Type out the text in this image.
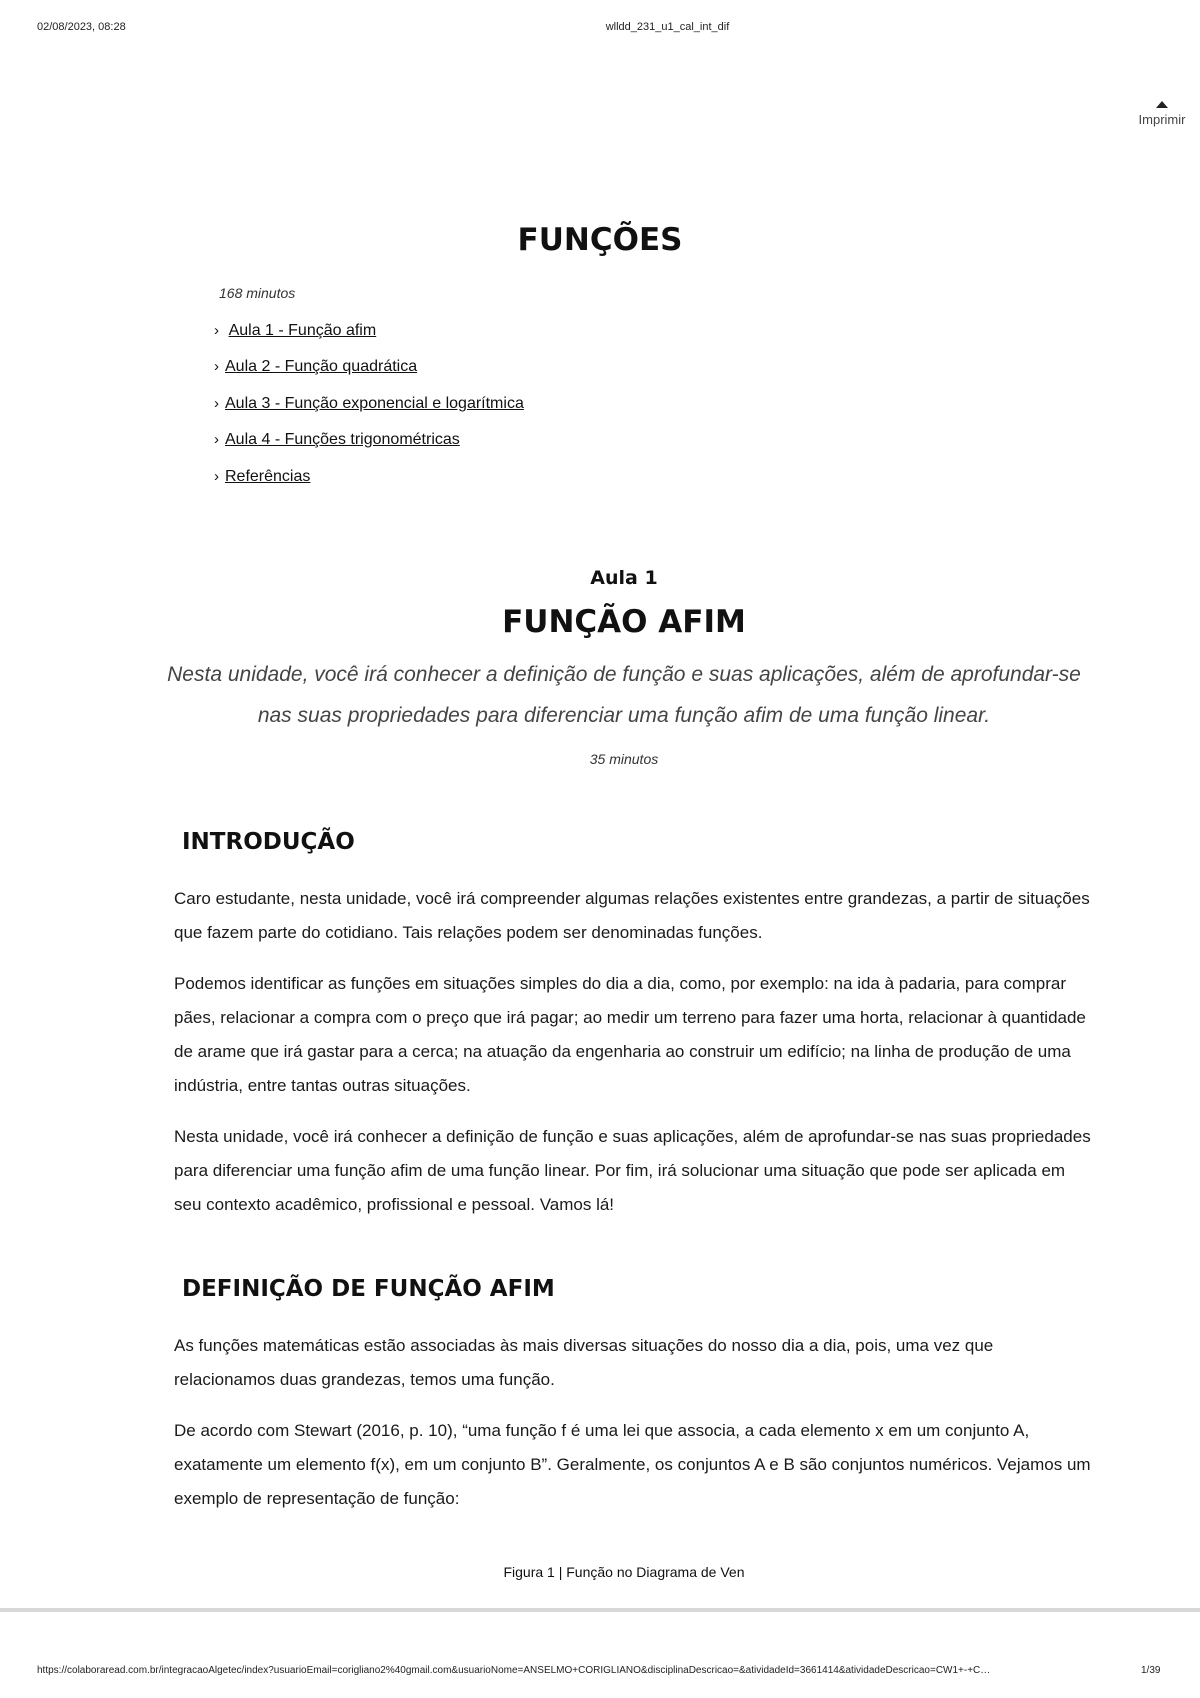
02/08/2023, 08:28	wlldd_231_u1_cal_int_dif
Imprimir
FUNÇÕES
168 minutos
› Aula 1 - Função afim
› Aula 2 - Função quadrática
› Aula 3 - Função exponencial e logarítmica
› Aula 4 - Funções trigonométricas
› Referências
Aula 1
FUNÇÃO AFIM
Nesta unidade, você irá conhecer a definição de função e suas aplicações, além de aprofundar-se nas suas propriedades para diferenciar uma função afim de uma função linear.
35 minutos
INTRODUÇÃO
Caro estudante, nesta unidade, você irá compreender algumas relações existentes entre grandezas, a partir de situações que fazem parte do cotidiano. Tais relações podem ser denominadas funções.
Podemos identificar as funções em situações simples do dia a dia, como, por exemplo: na ida à padaria, para comprar pães, relacionar a compra com o preço que irá pagar; ao medir um terreno para fazer uma horta, relacionar à quantidade de arame que irá gastar para a cerca; na atuação da engenharia ao construir um edifício; na linha de produção de uma indústria, entre tantas outras situações.
Nesta unidade, você irá conhecer a definição de função e suas aplicações, além de aprofundar-se nas suas propriedades para diferenciar uma função afim de uma função linear. Por fim, irá solucionar uma situação que pode ser aplicada em seu contexto acadêmico, profissional e pessoal. Vamos lá!
DEFINIÇÃO DE FUNÇÃO AFIM
As funções matemáticas estão associadas às mais diversas situações do nosso dia a dia, pois, uma vez que relacionamos duas grandezas, temos uma função.
De acordo com Stewart (2016, p. 10), “uma função f é uma lei que associa, a cada elemento x em um conjunto A, exatamente um elemento f(x), em um conjunto B”. Geralmente, os conjuntos A e B são conjuntos numéricos. Vejamos um exemplo de representação de função:
Figura 1 | Função no Diagrama de Ven
https://colaboraread.com.br/integracaoAlgetec/index?usuarioEmail=corigliano2%40gmail.com&usuarioNome=ANSELMO+CORIGLIANO&disciplinaDescricao=&atividadeId=3661414&atividadeDescricao=CW1+-+C…	1/39
